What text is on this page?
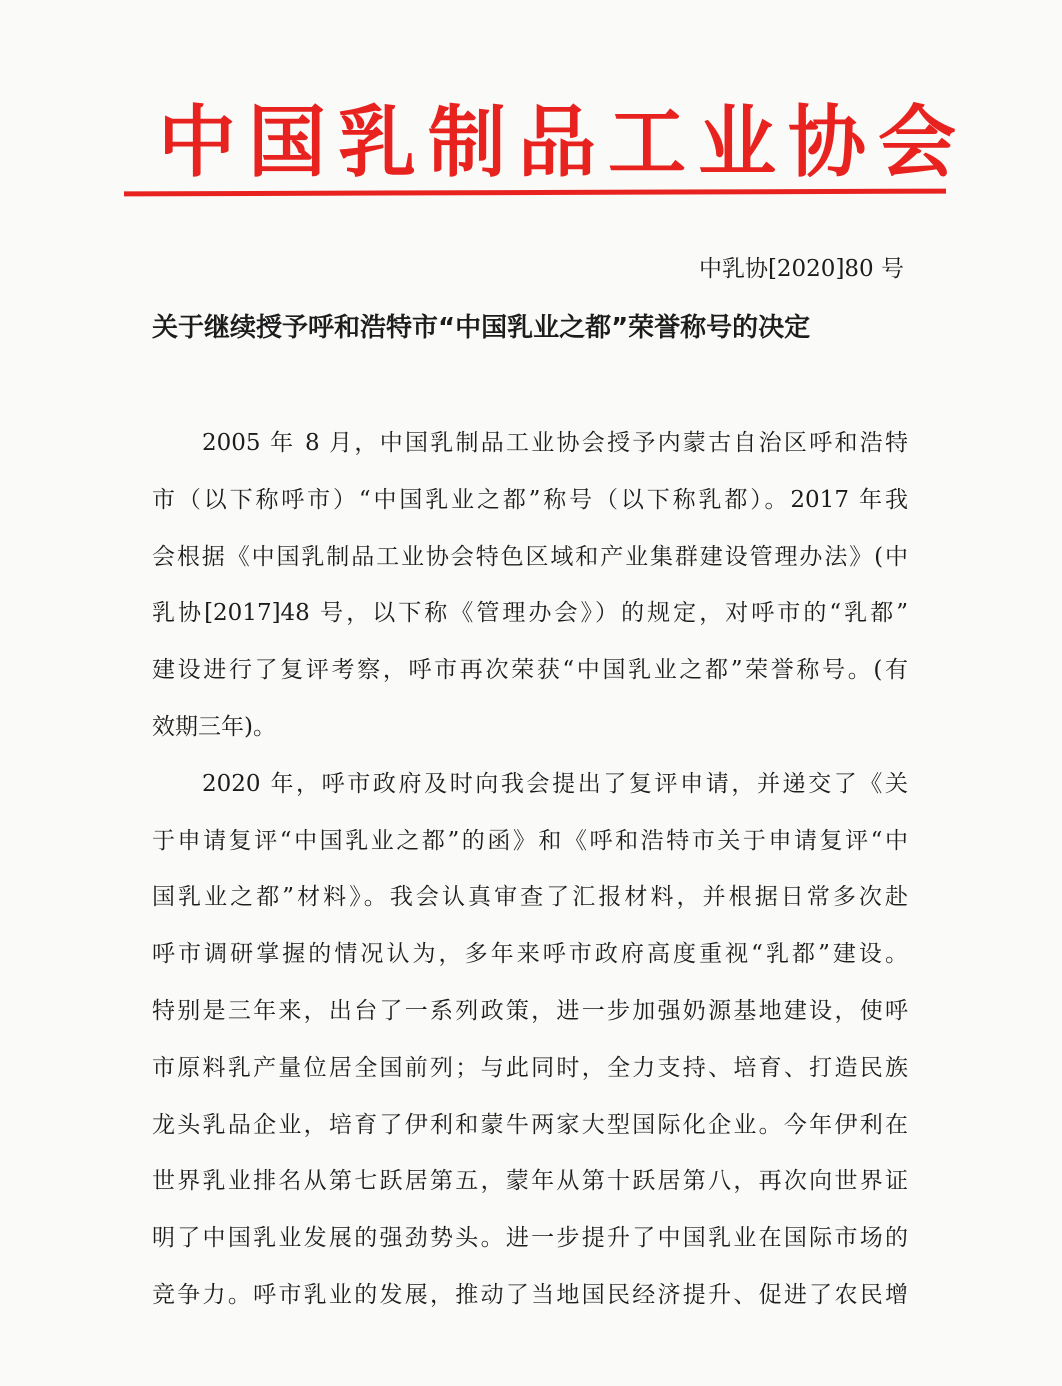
中国乳制品工业协会
中乳协[2020]80 号
关于继续授予呼和浩特市“中国乳业之都”荣誉称号的决定
2005 年 8 月，中国乳制品工业协会授予内蒙古自治区呼和浩特
市（以下称呼市）“中国乳业之都”称号（以下称乳都）。2017 年我
会根据《中国乳制品工业协会特色区域和产业集群建设管理办法》(中
乳协[2017]48 号，以下称《管理办会》）的规定，对呼市的“乳都”
建设进行了复评考察，呼市再次荣获“中国乳业之都”荣誉称号。(有
效期三年)。
2020 年，呼市政府及时向我会提出了复评申请，并递交了《关
于申请复评“中国乳业之都”的函》和《呼和浩特市关于申请复评“中
国乳业之都”材料》。我会认真审查了汇报材料，并根据日常多次赴
呼市调研掌握的情况认为，多年来呼市政府高度重视“乳都”建设。
特别是三年来，出台了一系列政策，进一步加强奶源基地建设，使呼
市原料乳产量位居全国前列；与此同时，全力支持、培育、打造民族
龙头乳品企业，培育了伊利和蒙牛两家大型国际化企业。今年伊利在
世界乳业排名从第七跃居第五，蒙年从第十跃居第八，再次向世界证
明了中国乳业发展的强劲势头。进一步提升了中国乳业在国际市场的
竞争力。呼市乳业的发展，推动了当地国民经济提升、促进了农民增
